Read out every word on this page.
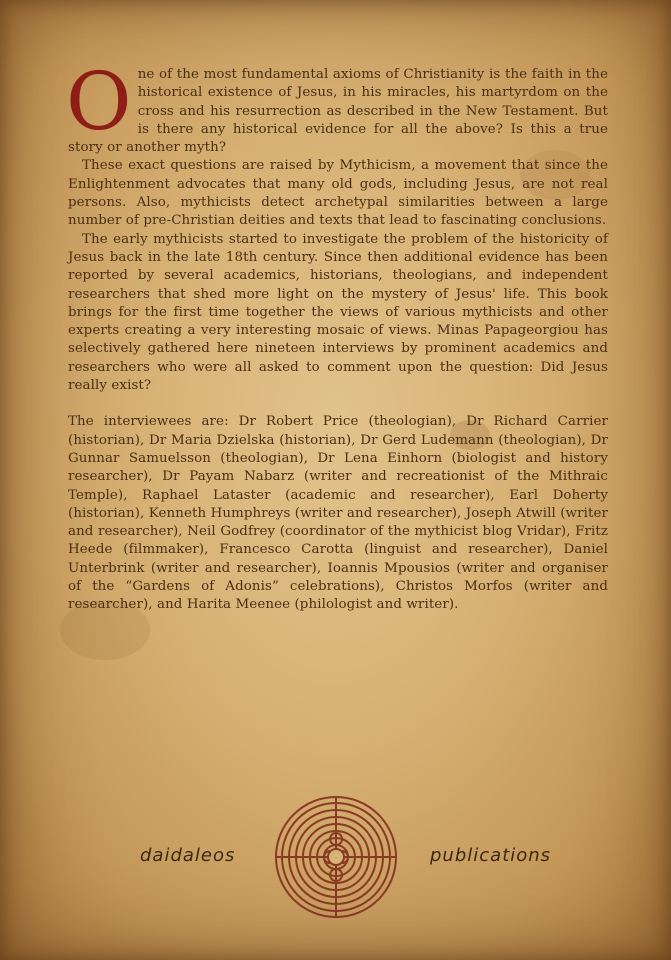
One of the most fundamental axioms of Christianity is the faith in the historical existence of Jesus, in his miracles, his martyrdom on the cross and his resurrection as described in the New Testament. But is there any historical evidence for all the above? Is this a true story or another myth?

These exact questions are raised by Mythicism, a movement that since the Enlightenment advocates that many old gods, including Jesus, are not real persons. Also, mythicists detect archetypal similarities between a large number of pre-Christian deities and texts that lead to fascinating conclusions.

The early mythicists started to investigate the problem of the historicity of Jesus back in the late 18th century. Since then additional evidence has been reported by several academics, historians, theologians, and independent researchers that shed more light on the mystery of Jesus' life. This book brings for the first time together the views of various mythicists and other experts creating a very interesting mosaic of views. Minas Papageorgiou has selectively gathered here nineteen interviews by prominent academics and researchers who were all asked to comment upon the question: Did Jesus really exist?

The interviewees are: Dr Robert Price (theologian), Dr Richard Carrier (historian), Dr Maria Dzielska (historian), Dr Gerd Ludemann (theologian), Dr Gunnar Samuelsson (theologian), Dr Lena Einhorn (biologist and history researcher), Dr Payam Nabarz (writer and recreationist of the Mithraic Temple), Raphael Lataster (academic and researcher), Earl Doherty (historian), Kenneth Humphreys (writer and researcher), Joseph Atwill (writer and researcher), Neil Godfrey (coordinator of the mythicist blog Vridar), Fritz Heede (filmmaker), Francesco Carotta (linguist and researcher), Daniel Unterbrink (writer and researcher), Ioannis Mpousios (writer and organiser of the “Gardens of Adonis” celebrations), Christos Morfos (writer and researcher), and Harita Meenee (philologist and writer).

daidaleos	publications
